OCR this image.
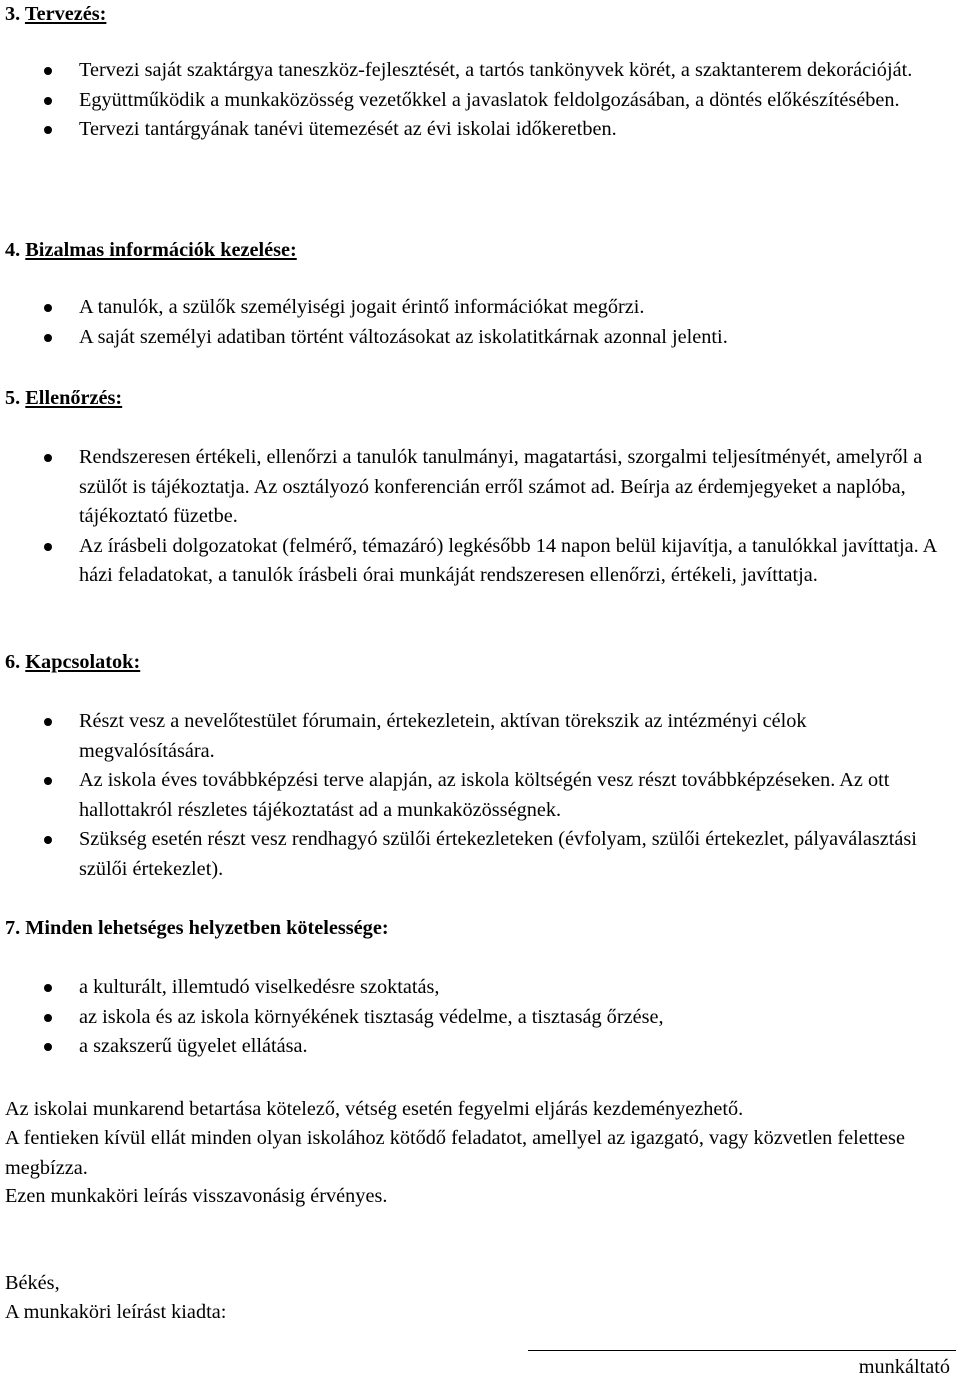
3. Tervezés:
Tervezi saját szaktárgya taneszköz-fejlesztését, a tartós tankönyvek körét, a szaktanterem dekorációját.
Együttműködik a munkaközösség vezetőkkel a javaslatok feldolgozásában, a döntés előkészítésében.
Tervezi tantárgyának tanévi ütemezését az évi iskolai időkeretben.
4. Bizalmas információk kezelése:
A tanulók, a szülők személyiségi jogait érintő információkat megőrzi.
A saját személyi adatiban történt változásokat az iskolatitkárnak azonnal jelenti.
5. Ellenőrzés:
Rendszeresen értékeli, ellenőrzi a tanulók tanulmányi, magatartási, szorgalmi teljesítményét, amelyről a szülőt is tájékoztatja. Az osztályozó konferencián erről számot ad. Beírja az érdemjegyeket a naplóba, tájékoztató füzetbe.
Az írásbeli dolgozatokat (felmérő, témazáró) legkésőbb 14 napon belül kijavítja, a tanulókkal javíttatja. A házi feladatokat, a tanulók írásbeli órai munkáját rendszeresen ellenőrzi, értékeli, javíttatja.
6. Kapcsolatok:
Részt vesz a nevelőtestület fórumain, értekezletein, aktívan törekszik az intézményi célok megvalósítására.
Az iskola éves továbbképzési terve alapján, az iskola költségén vesz részt továbbképzéseken. Az ott hallottakról részletes tájékoztatást ad a munkaközösségnek.
Szükség esetén részt vesz rendhagyó szülői értekezleteken (évfolyam, szülői értekezlet, pályaválasztási szülői értekezlet).
7. Minden lehetséges helyzetben kötelessége:
a kulturált, illemtudó viselkedésre szoktatás,
az iskola és az iskola környékének tisztaság védelme, a tisztaság őrzése,
a szakszerű ügyelet ellátása.

Az iskolai munkarend betartása kötelező, vétség esetén fegyelmi eljárás kezdeményezhető.

A fentieken kívül ellát minden olyan iskolához kötődő feladatot, amellyel az igazgató, vagy közvetlen felettese megbízza.

Ezen munkaköri leírás visszavonásig érvényes.

Békés,

A munkaköri leírást kiadta:

munkáltató
